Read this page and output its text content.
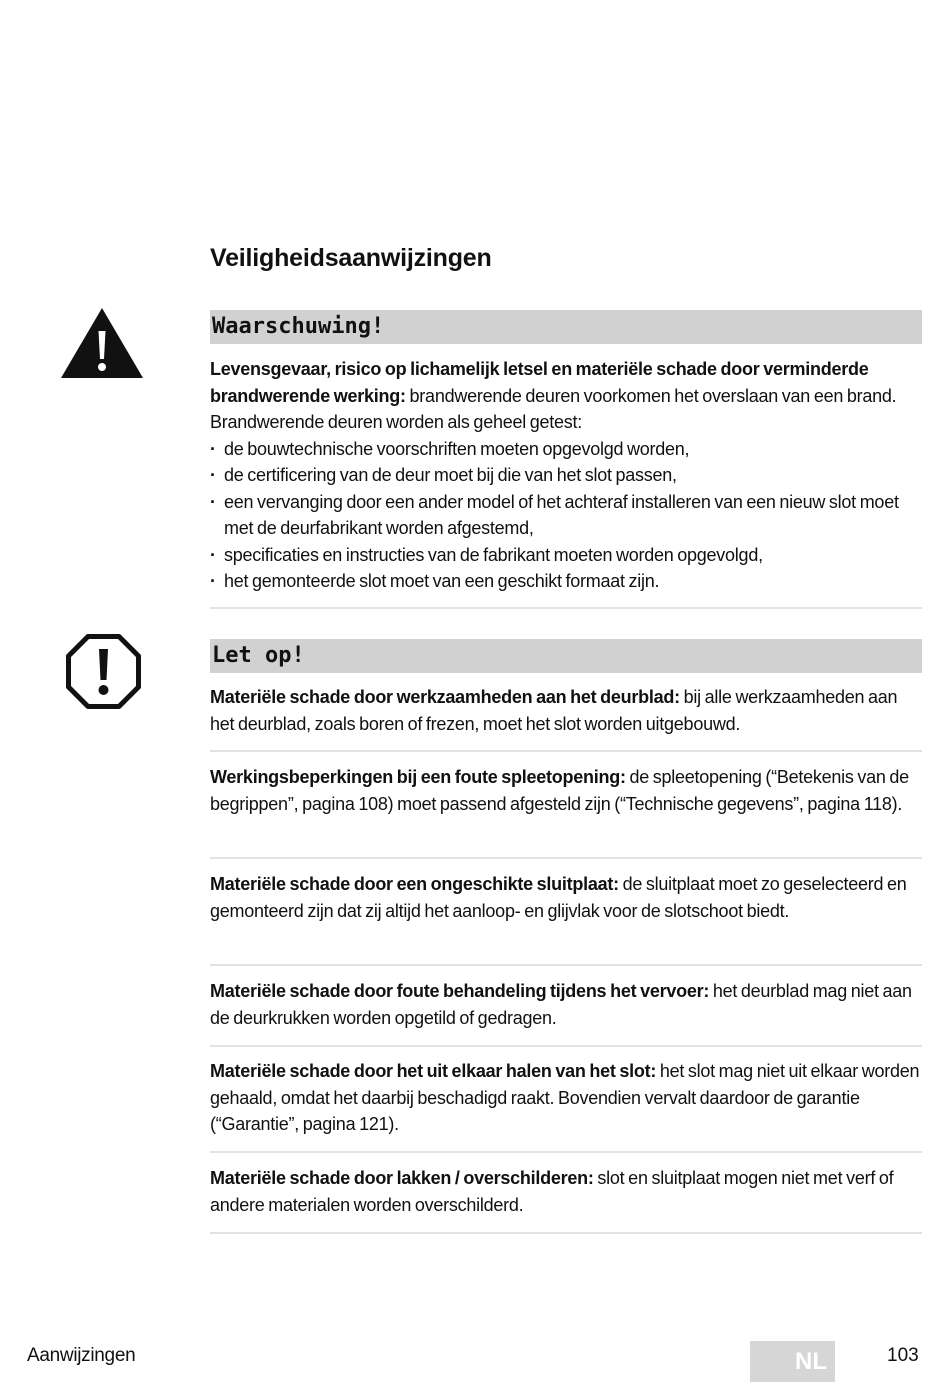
Veiligheidsaanwijzingen
Waarschuwing!

Levensgevaar, risico op lichamelijk letsel en materiële schade door verminderde brandwerende werking: brandwerende deuren voorkomen het overslaan van een brand. Brandwerende deuren worden als geheel getest:

· de bouwtechnische voorschriften moeten opgevolgd worden,
· de certificering van de deur moet bij die van het slot passen,
· een vervanging door een ander model of het achteraf installeren van een nieuw slot moet met de deurfabrikant worden afgestemd,
· specificaties en instructies van de fabrikant moeten worden opgevolgd,
· het gemonteerde slot moet van een geschikt formaat zijn.
Let op!

Materiële schade door werkzaamheden aan het deurblad: bij alle werkzaamheden aan het deurblad, zoals boren of frezen, moet het slot worden uitgebouwd.

Werkingsbeperkingen bij een foute spleetopening: de spleetopening (“Betekenis van de begrippen”, pagina 108) moet passend afgesteld zijn (“Technische gegevens”, pagina 118).

Materiële schade door een ongeschikte sluitplaat: de sluitplaat moet zo geselecteerd en gemonteerd zijn dat zij altijd het aanloop- en glijvlak voor de slotschoot biedt.

Materiële schade door foute behandeling tijdens het vervoer: het deurblad mag niet aan de deurkrukken worden opgetild of gedragen.

Materiële schade door het uit elkaar halen van het slot: het slot mag niet uit elkaar worden gehaald, omdat het daarbij beschadigd raakt. Bovendien vervalt daardoor de garantie (“Garantie”, pagina 121).

Materiële schade door lakken / overschilderen: slot en sluitplaat mogen niet met verf of andere materialen worden overschilderd.

Aanwijzingen	NL	103
